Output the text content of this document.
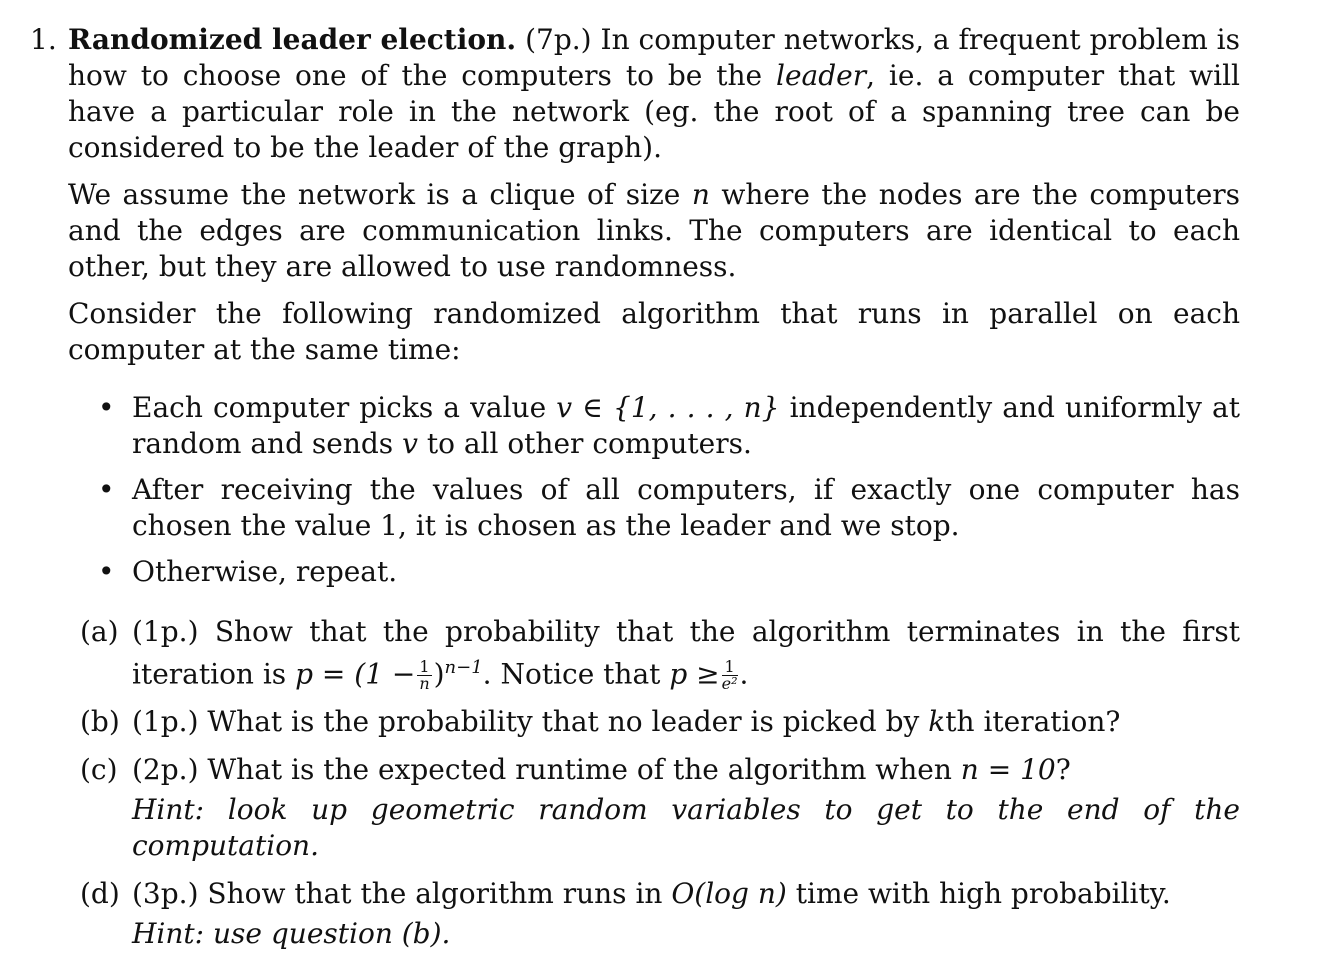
1. Randomized leader election. (7p.) In computer networks, a frequent problem is how to choose one of the computers to be the leader, ie. a computer that will have a particular role in the network (eg. the root of a spanning tree can be considered to be the leader of the graph).

We assume the network is a clique of size n where the nodes are the computers and the edges are communication links. The computers are identical to each other, but they are allowed to use randomness.

Consider the following randomized algorithm that runs in parallel on each computer at the same time:

• Each computer picks a value v ∈ {1, . . . , n} independently and uniformly at random and sends v to all other computers.
• After receiving the values of all computers, if exactly one computer has chosen the value 1, it is chosen as the leader and we stop.
• Otherwise, repeat.
(a) (1p.) Show that the probability that the algorithm terminates in the first iteration is $p = (1 - \frac{1}{n} )^{n-1}$. Notice that $p \ge \frac{1}{\text{e²}}$ .
(b) (1p.) What is the probability that no leader is picked by kth iteration?
(c) (2p.) What is the expected runtime of the algorithm when n = 10?
Hint: look up geometric random variables to get to the end of the computation.
(d) (3p.) Show that the algorithm runs in O(log n) time with high probability.
Hint: use question (b).
